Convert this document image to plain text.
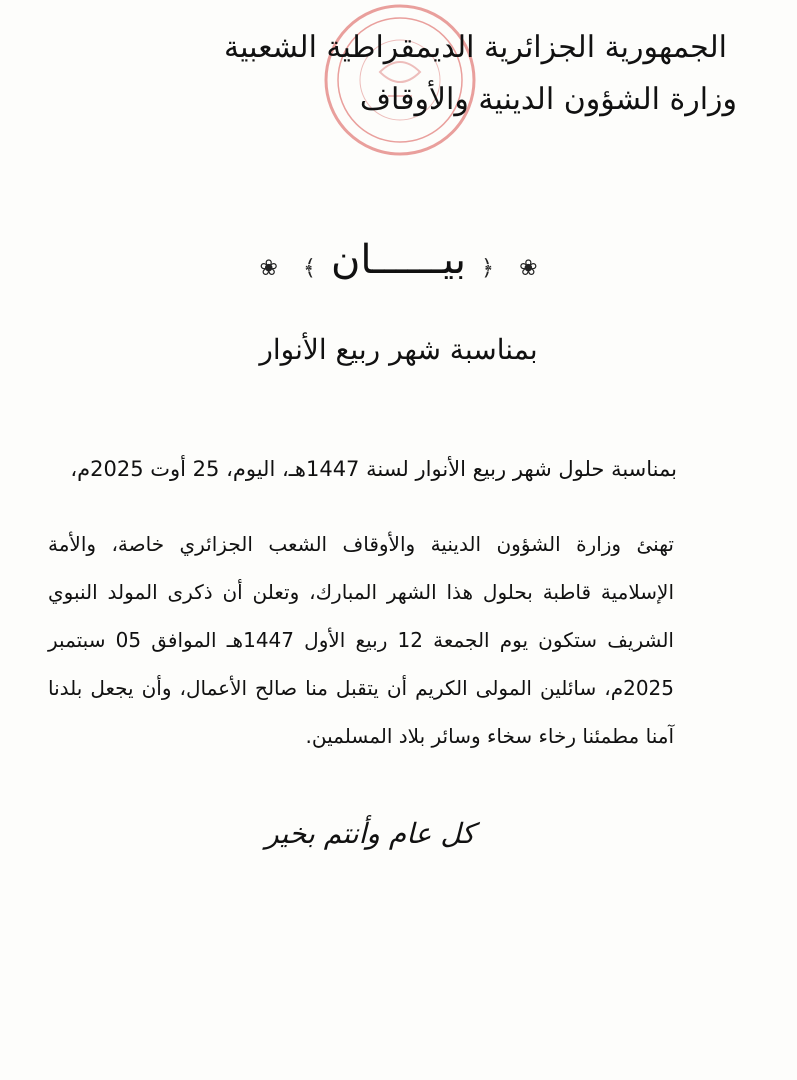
الجمهورية الجزائرية الديمقراطية الشعبية
وزارة الشؤون الدينية والأوقاف
❀ ﴾ بيــــــان ﴿ ❀
بمناسبة شهر ربيع الأنوار
بمناسبة حلول شهر ربيع الأنوار لسنة 1447هـ، اليوم، 25 أوت 2025م،
تهنئ وزارة الشؤون الدينية والأوقاف الشعب الجزائري خاصة، والأمة الإسلامية قاطبة بحلول هذا الشهر المبارك، وتعلن أن ذكرى المولد النبوي الشريف ستكون يوم الجمعة 12 ربيع الأول 1447هـ الموافق 05 سبتمبر 2025م، سائلين المولى الكريم أن يتقبل منا صالح الأعمال، وأن يجعل بلدنا آمنا مطمئنا رخاء سخاء وسائر بلاد المسلمين.
كل عام وأنتم بخير
